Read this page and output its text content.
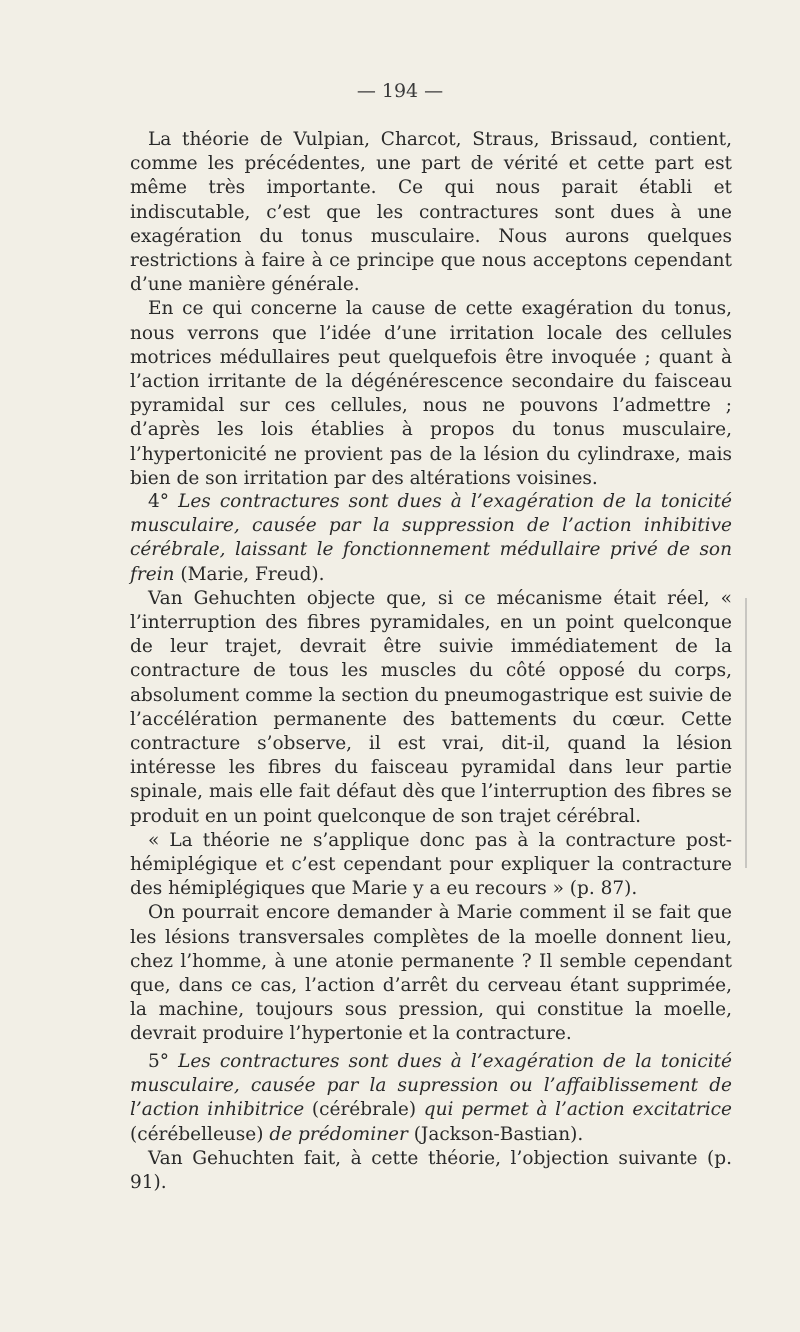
— 194 —

La théorie de Vulpian, Charcot, Straus, Brissaud, contient, comme les précédentes, une part de vérité et cette part est même très importante. Ce qui nous parait établi et indiscutable, c’est que les contractures sont dues à une exagération du tonus musculaire. Nous aurons quelques restrictions à faire à ce principe que nous acceptons cependant d’une manière générale.

En ce qui concerne la cause de cette exagération du tonus, nous verrons que l’idée d’une irritation locale des cellules motrices médullaires peut quelquefois être invoquée ; quant à l’action irritante de la dégénérescence secondaire du faisceau pyramidal sur ces cellules, nous ne pouvons l’admettre ; d’après les lois établies à propos du tonus musculaire, l’hypertonicité ne provient pas de la lésion du cylindraxe, mais bien de son irritation par des altérations voisines.

4° Les contractures sont dues à l’exagération de la tonicité musculaire, causée par la suppression de l’action inhibitive cérébrale, laissant le fonctionnement médullaire privé de son frein (Marie, Freud).

Van Gehuchten objecte que, si ce mécanisme était réel, « l’interruption des fibres pyramidales, en un point quelconque de leur trajet, devrait être suivie immédiatement de la contracture de tous les muscles du côté opposé du corps, absolument comme la section du pneumogastrique est suivie de l’accélération permanente des battements du cœur. Cette contracture s’observe, il est vrai, dit-il, quand la lésion intéresse les fibres du faisceau pyramidal dans leur partie spinale, mais elle fait défaut dès que l’interruption des fibres se produit en un point quelconque de son trajet cérébral.

« La théorie ne s’applique donc pas à la contracture post-hémiplégique et c’est cependant pour expliquer la contracture des hémiplégiques que Marie y a eu recours » (p. 87).

On pourrait encore demander à Marie comment il se fait que les lésions transversales complètes de la moelle donnent lieu, chez l’homme, à une atonie permanente ? Il semble cependant que, dans ce cas, l’action d’arrêt du cerveau étant supprimée, la machine, toujours sous pression, qui constitue la moelle, devrait produire l’hypertonie et la contracture.

5° Les contractures sont dues à l’exagération de la tonicité musculaire, causée par la supression ou l’affaiblissement de l’action inhibitrice (cérébrale) qui permet à l’action excitatrice (cérébelleuse) de prédominer (Jackson-Bastian).

Van Gehuchten fait, à cette théorie, l’objection suivante (p. 91).
